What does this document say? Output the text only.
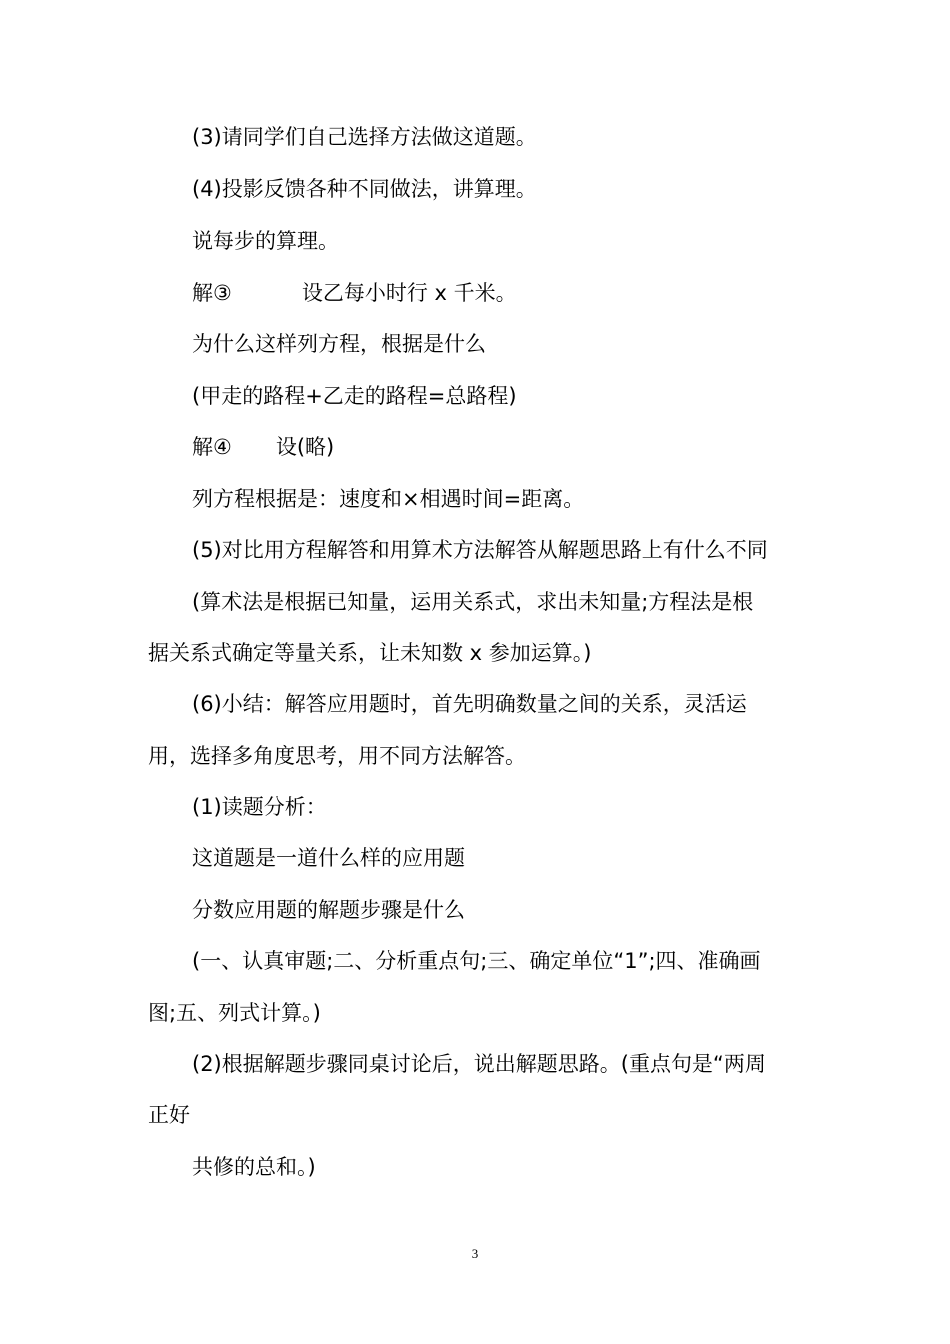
(3)请同学们自己选择方法做这道题。
(4)投影反馈各种不同做法，讲算理。
说每步的算理。
解③	设乙每小时行 x 千米。
为什么这样列方程，根据是什么
(甲走的路程+乙走的路程=总路程)
解④ 设(略)
列方程根据是：速度和×相遇时间=距离。
(5)对比用方程解答和用算术方法解答从解题思路上有什么不同
(算术法是根据已知量，运用关系式，求出未知量;方程法是根
据关系式确定等量关系，让未知数 x 参加运算。)
(6)小结：解答应用题时，首先明确数量之间的关系，灵活运
用，选择多角度思考，用不同方法解答。
(1)读题分析：
这道题是一道什么样的应用题
分数应用题的解题步骤是什么
(一、认真审题;二、分析重点句;三、确定单位“1”;四、准确画
图;五、列式计算。)
(2)根据解题步骤同桌讨论后，说出解题思路。(重点句是“两周
正好
共修的总和。)
3
